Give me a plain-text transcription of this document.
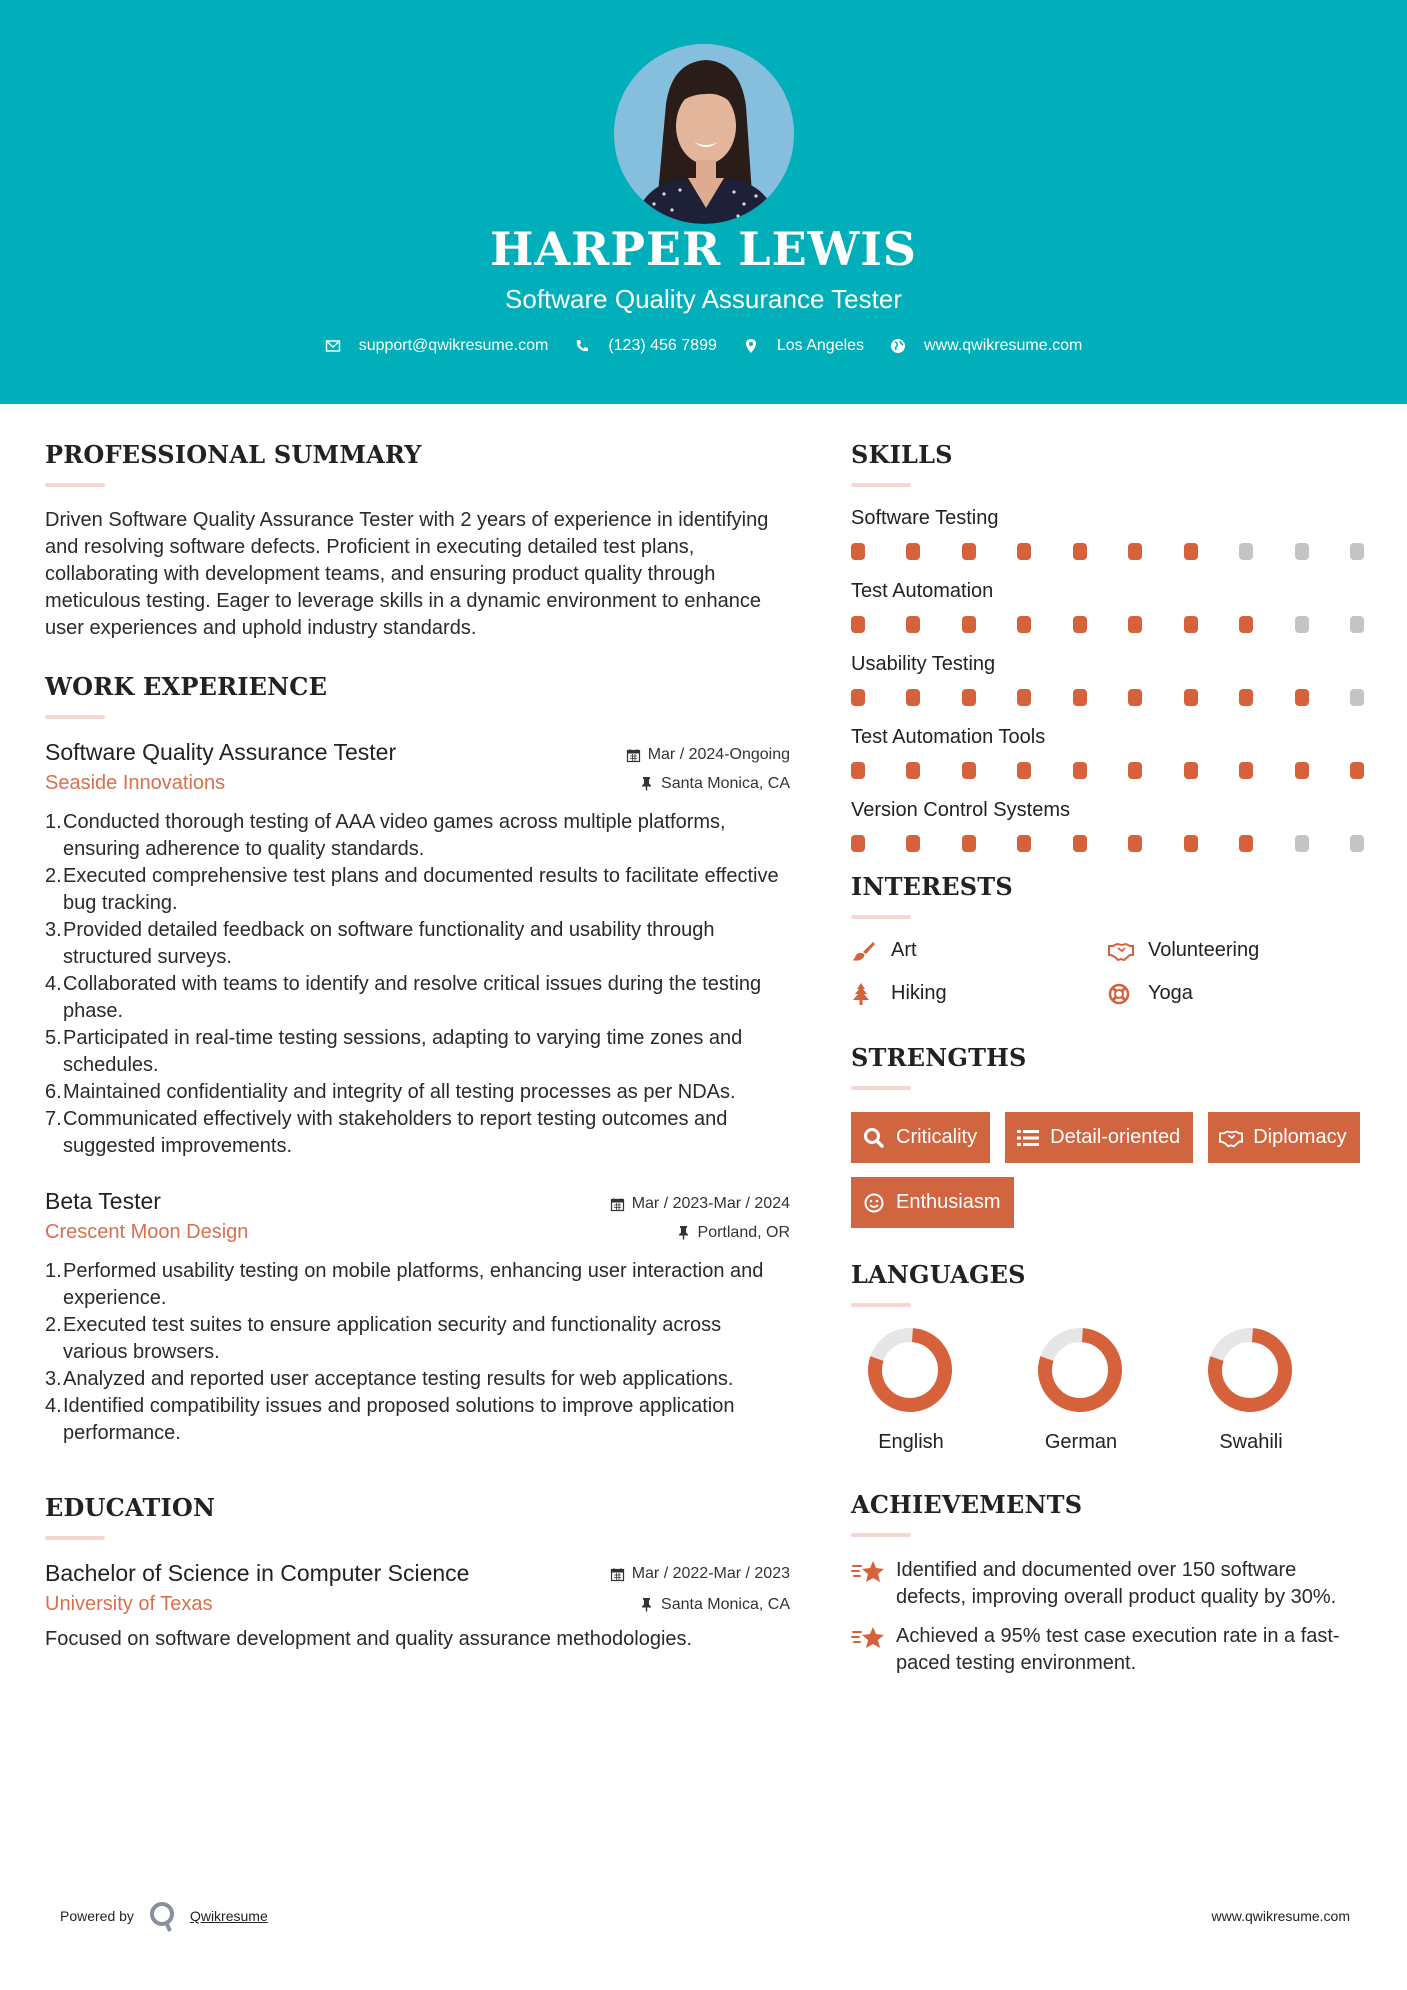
HARPER LEWIS
Software Quality Assurance Tester
support@qwikresume.com	(123) 456 7899	Los Angeles	www.qwikresume.com
PROFESSIONAL SUMMARY

Driven Software Quality Assurance Tester with 2 years of experience in identifying and resolving software defects. Proficient in executing detailed test plans, collaborating with development teams, and ensuring product quality through meticulous testing. Eager to leverage skills in a dynamic environment to enhance user experiences and uphold industry standards.

WORK EXPERIENCE
Software Quality Assurance Tester	Mar / 2024-Ongoing
Seaside Innovations	Santa Monica, CA
1. Conducted thorough testing of AAA video games across multiple platforms, ensuring adherence to quality standards.
2. Executed comprehensive test plans and documented results to facilitate effective bug tracking.
3. Provided detailed feedback on software functionality and usability through structured surveys.
4. Collaborated with teams to identify and resolve critical issues during the testing phase.
5. Participated in real-time testing sessions, adapting to varying time zones and schedules.
6. Maintained confidentiality and integrity of all testing processes as per NDAs.
7. Communicated effectively with stakeholders to report testing outcomes and suggested improvements.
Beta Tester	Mar / 2023-Mar / 2024
Crescent Moon Design	Portland, OR
1. Performed usability testing on mobile platforms, enhancing user interaction and experience.
2. Executed test suites to ensure application security and functionality across various browsers.
3. Analyzed and reported user acceptance testing results for web applications.
4. Identified compatibility issues and proposed solutions to improve application performance.
EDUCATION
Bachelor of Science in Computer Science	Mar / 2022-Mar / 2023
University of Texas	Santa Monica, CA

Focused on software development and quality assurance methodologies.

SKILLS
Software Testing
Test Automation
Usability Testing
Test Automation Tools
Version Control Systems
INTERESTS
Art	Volunteering
Hiking	Yoga
STRENGTHS
Criticality	Detail-oriented	Diplomacy
Enthusiasm
LANGUAGES
English	German	Swahili
ACHIEVEMENTS
Identified and documented over 150 software defects, improving overall product quality by 30%.
Achieved a 95% test case execution rate in a fast-paced testing environment.
Powered by	Qwikresume	www.qwikresume.com
